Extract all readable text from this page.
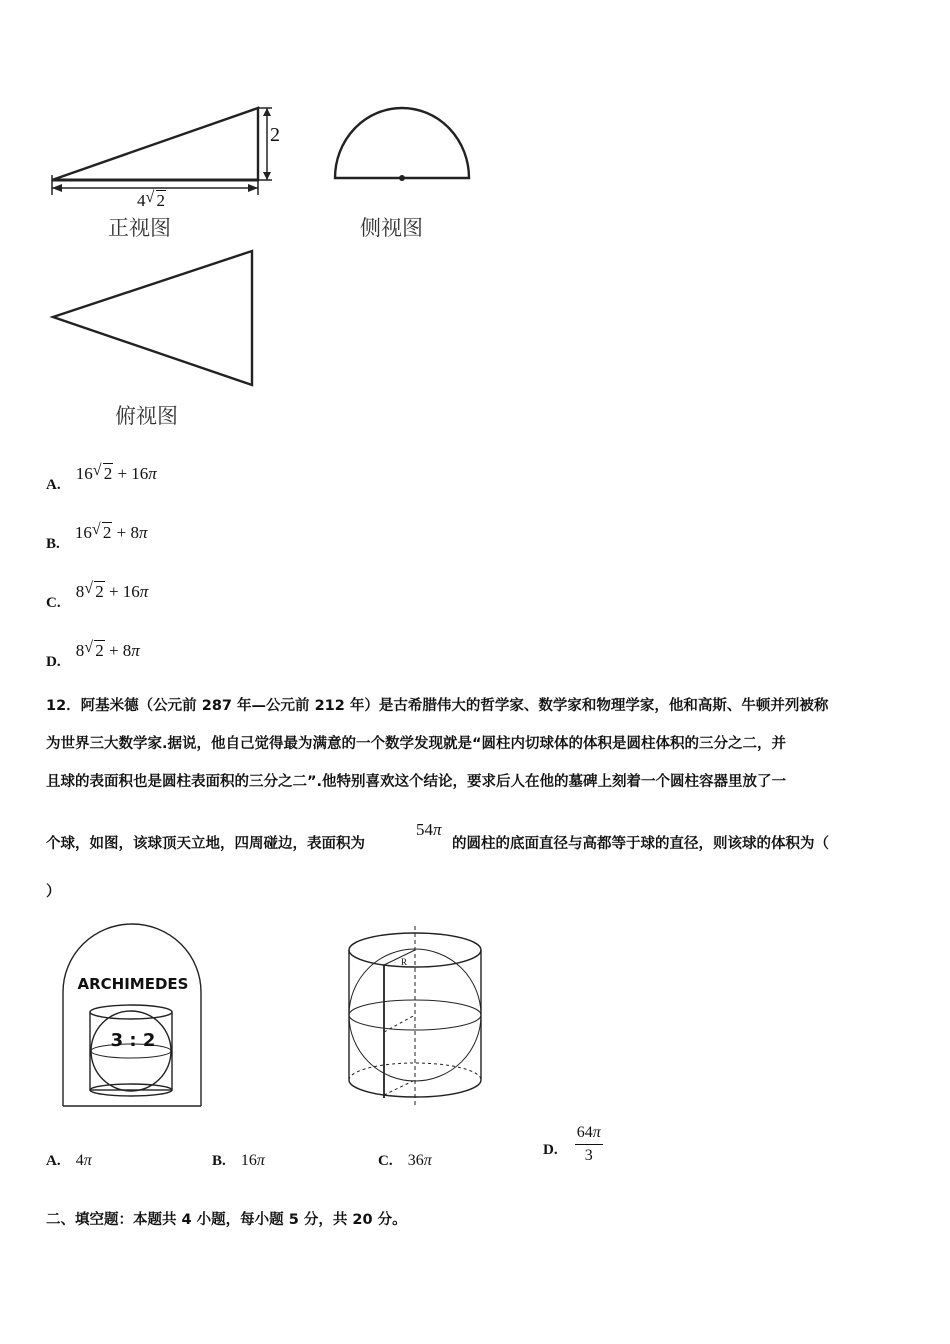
2
4 √ 2
正视图	侧视图
俯视图
A. 16 √ 2 + 16π
B. 16 √ 2 + 8π
C. 8 √ 2 + 16π
D. 8 √ 2 + 8π
12．阿基米德（公元前 287 年—公元前 212 年）是古希腊伟大的哲学家、数学家和物理学家，他和高斯、牛顿并列被称
为世界三大数学家.据说，他自己觉得最为满意的一个数学发现就是“圆柱内切球体的体积是圆柱体积的三分之二，并
且球的表面积也是圆柱表面积的三分之二”.他特别喜欢这个结论，要求后人在他的墓碑上刻着一个圆柱容器里放了一
个球，如图，该球顶天立地，四周碰边，表面积为
54π
的圆柱的底面直径与高都等于球的直径，则该球的体积为（
）
ARCHIMEDES
3 : 2
R
A. 4π	B. 16π	C. 36π
D. $\frac{64\pi}{3}$
二、填空题：本题共 4 小题，每小题 5 分，共 20 分。
